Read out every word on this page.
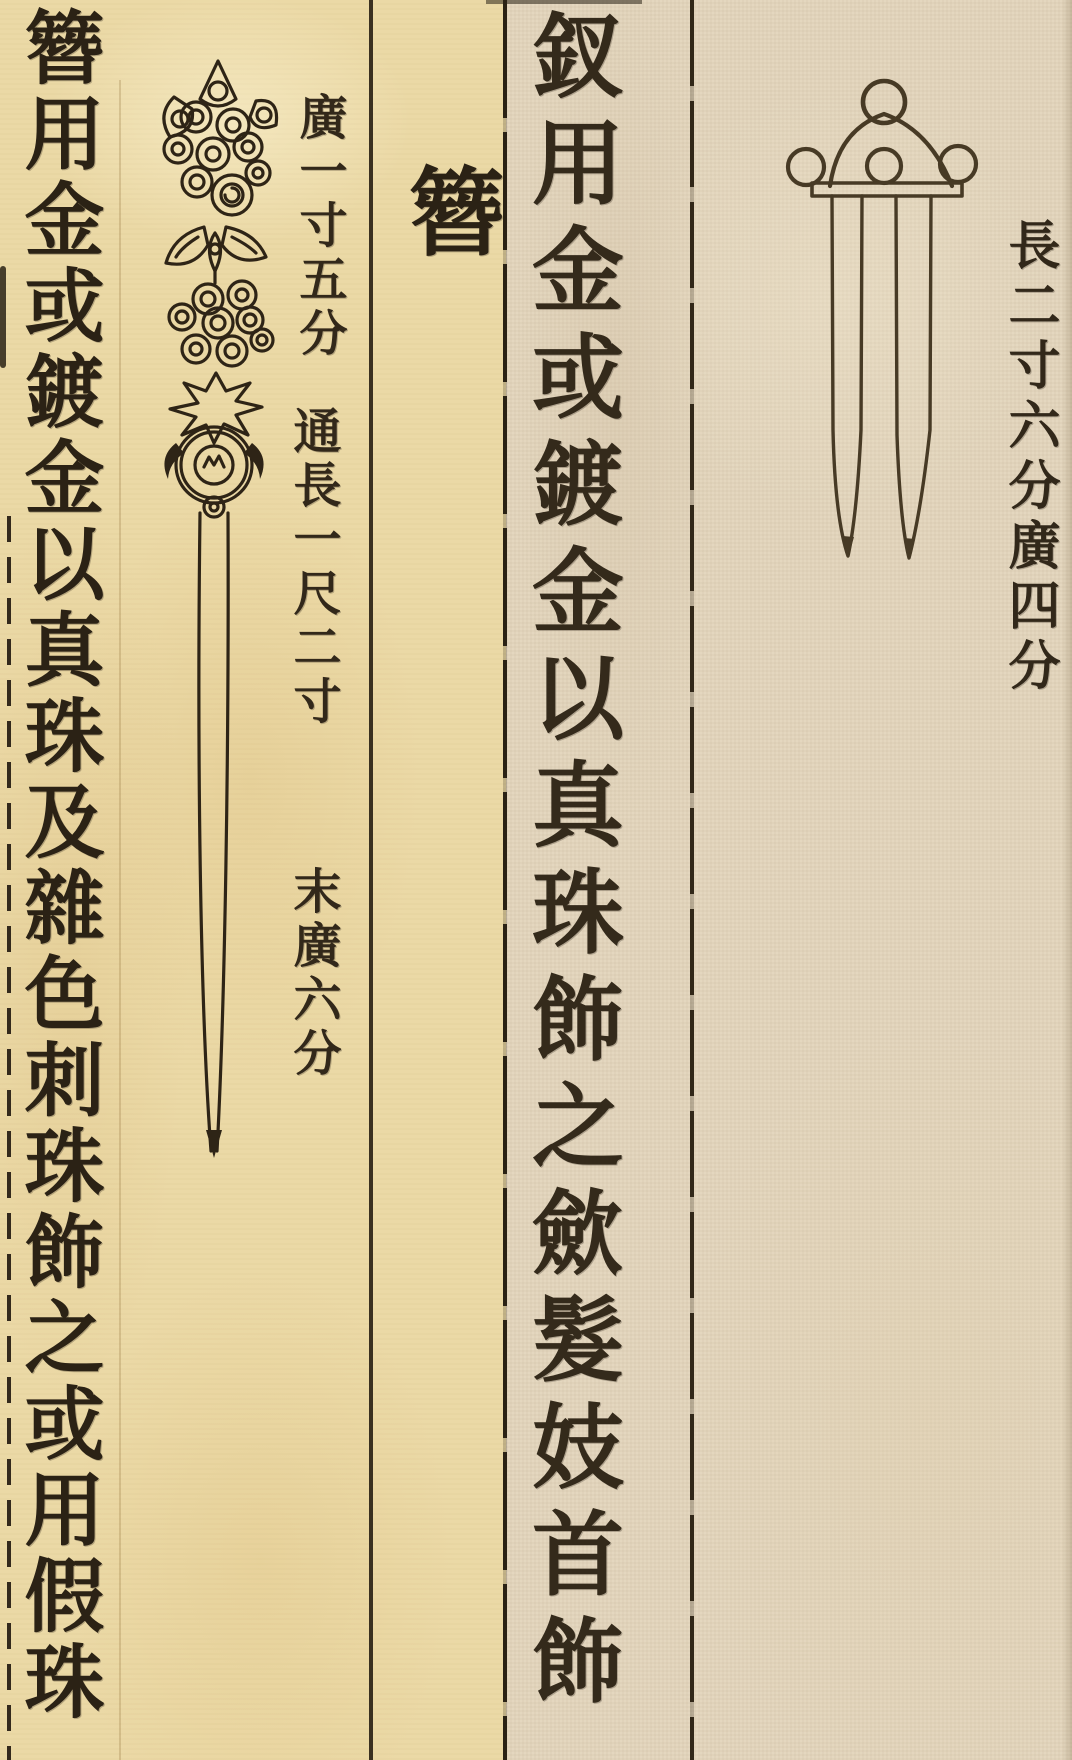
簪用金或鍍金以真珠及雜色刺珠飾之或用假珠	廣一寸五分
通長一尺二寸
末廣六分
簪 釵用金或鍍金以真珠飾之歛髮妓首飾	長二寸六分廣四分
